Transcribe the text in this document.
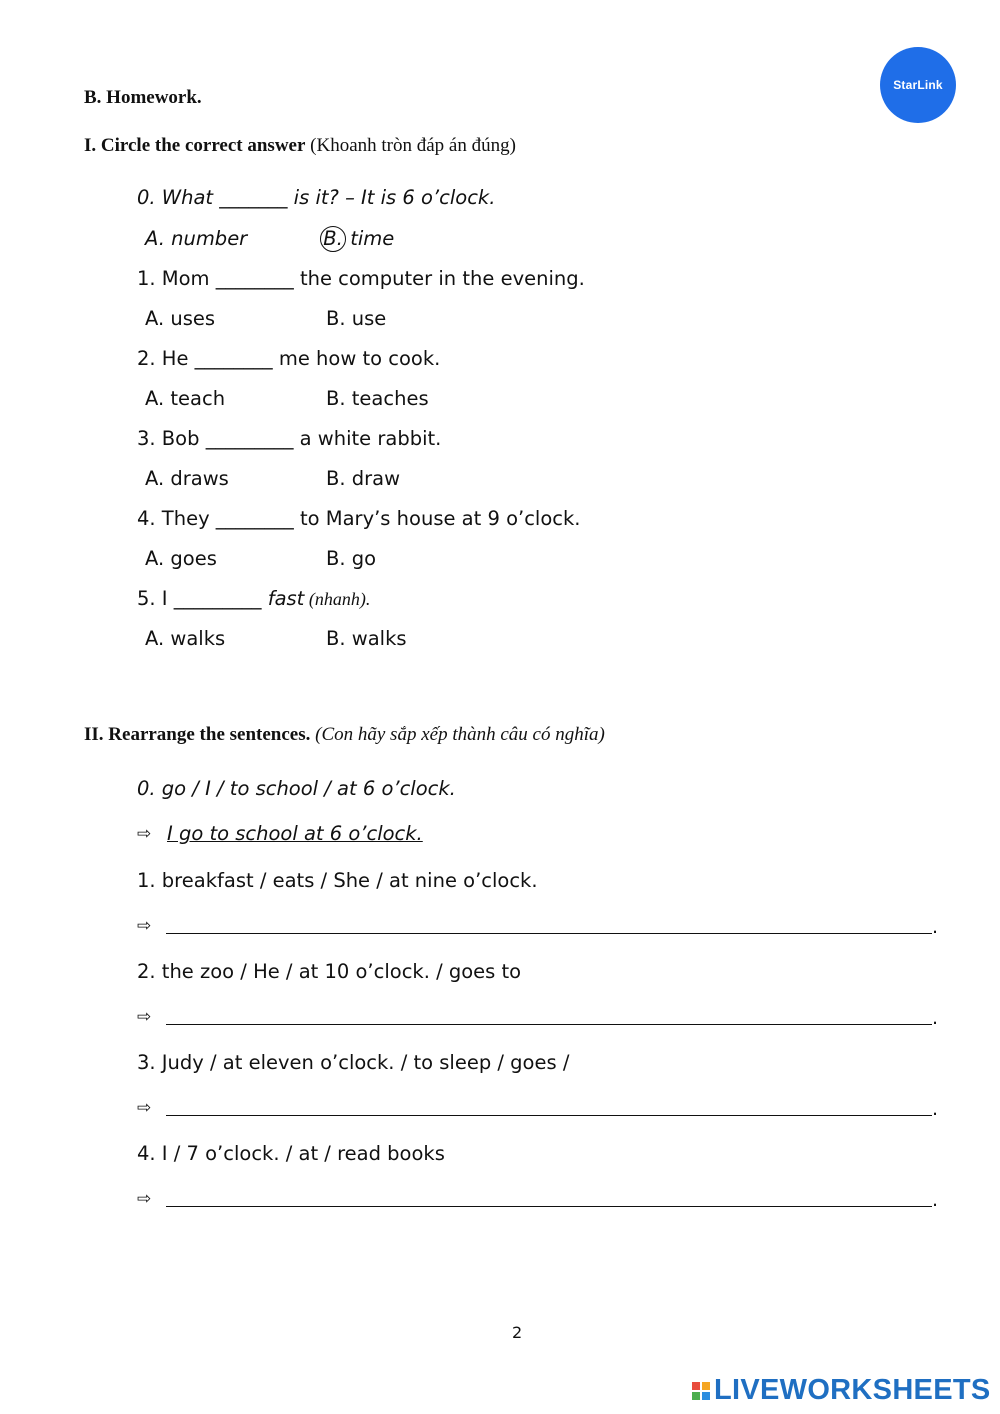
StarLink
B. Homework.
I. Circle the correct answer (Khoanh tròn đáp án đúng)
0. What _______ is it? – It is 6 o’clock.
A. number	B. time
1. Mom ________ the computer in the evening.
A. uses	B. use
2. He ________ me how to cook.
A. teach	B. teaches
3. Bob _________ a white rabbit.
A. draws	B. draw
4. They ________ to Mary’s house at 9 o’clock.
A. goes	B. go
5. I _________ fast (nhanh).
A. walks	B. walks
II. Rearrange the sentences. (Con hãy sắp xếp thành câu có nghĩa)
0. go / I / to school / at 6 o’clock.
⇨ I go to school at 6 o’clock.
1. breakfast / eats / She / at nine o’clock.
⇨	.
2. the zoo / He / at 10 o’clock. / goes to
⇨	.
3. Judy / at eleven o’clock. / to sleep / goes /
⇨	.
4. I / 7 o’clock. / at / read books
⇨	.
2
LIVEWORKSHEETS
